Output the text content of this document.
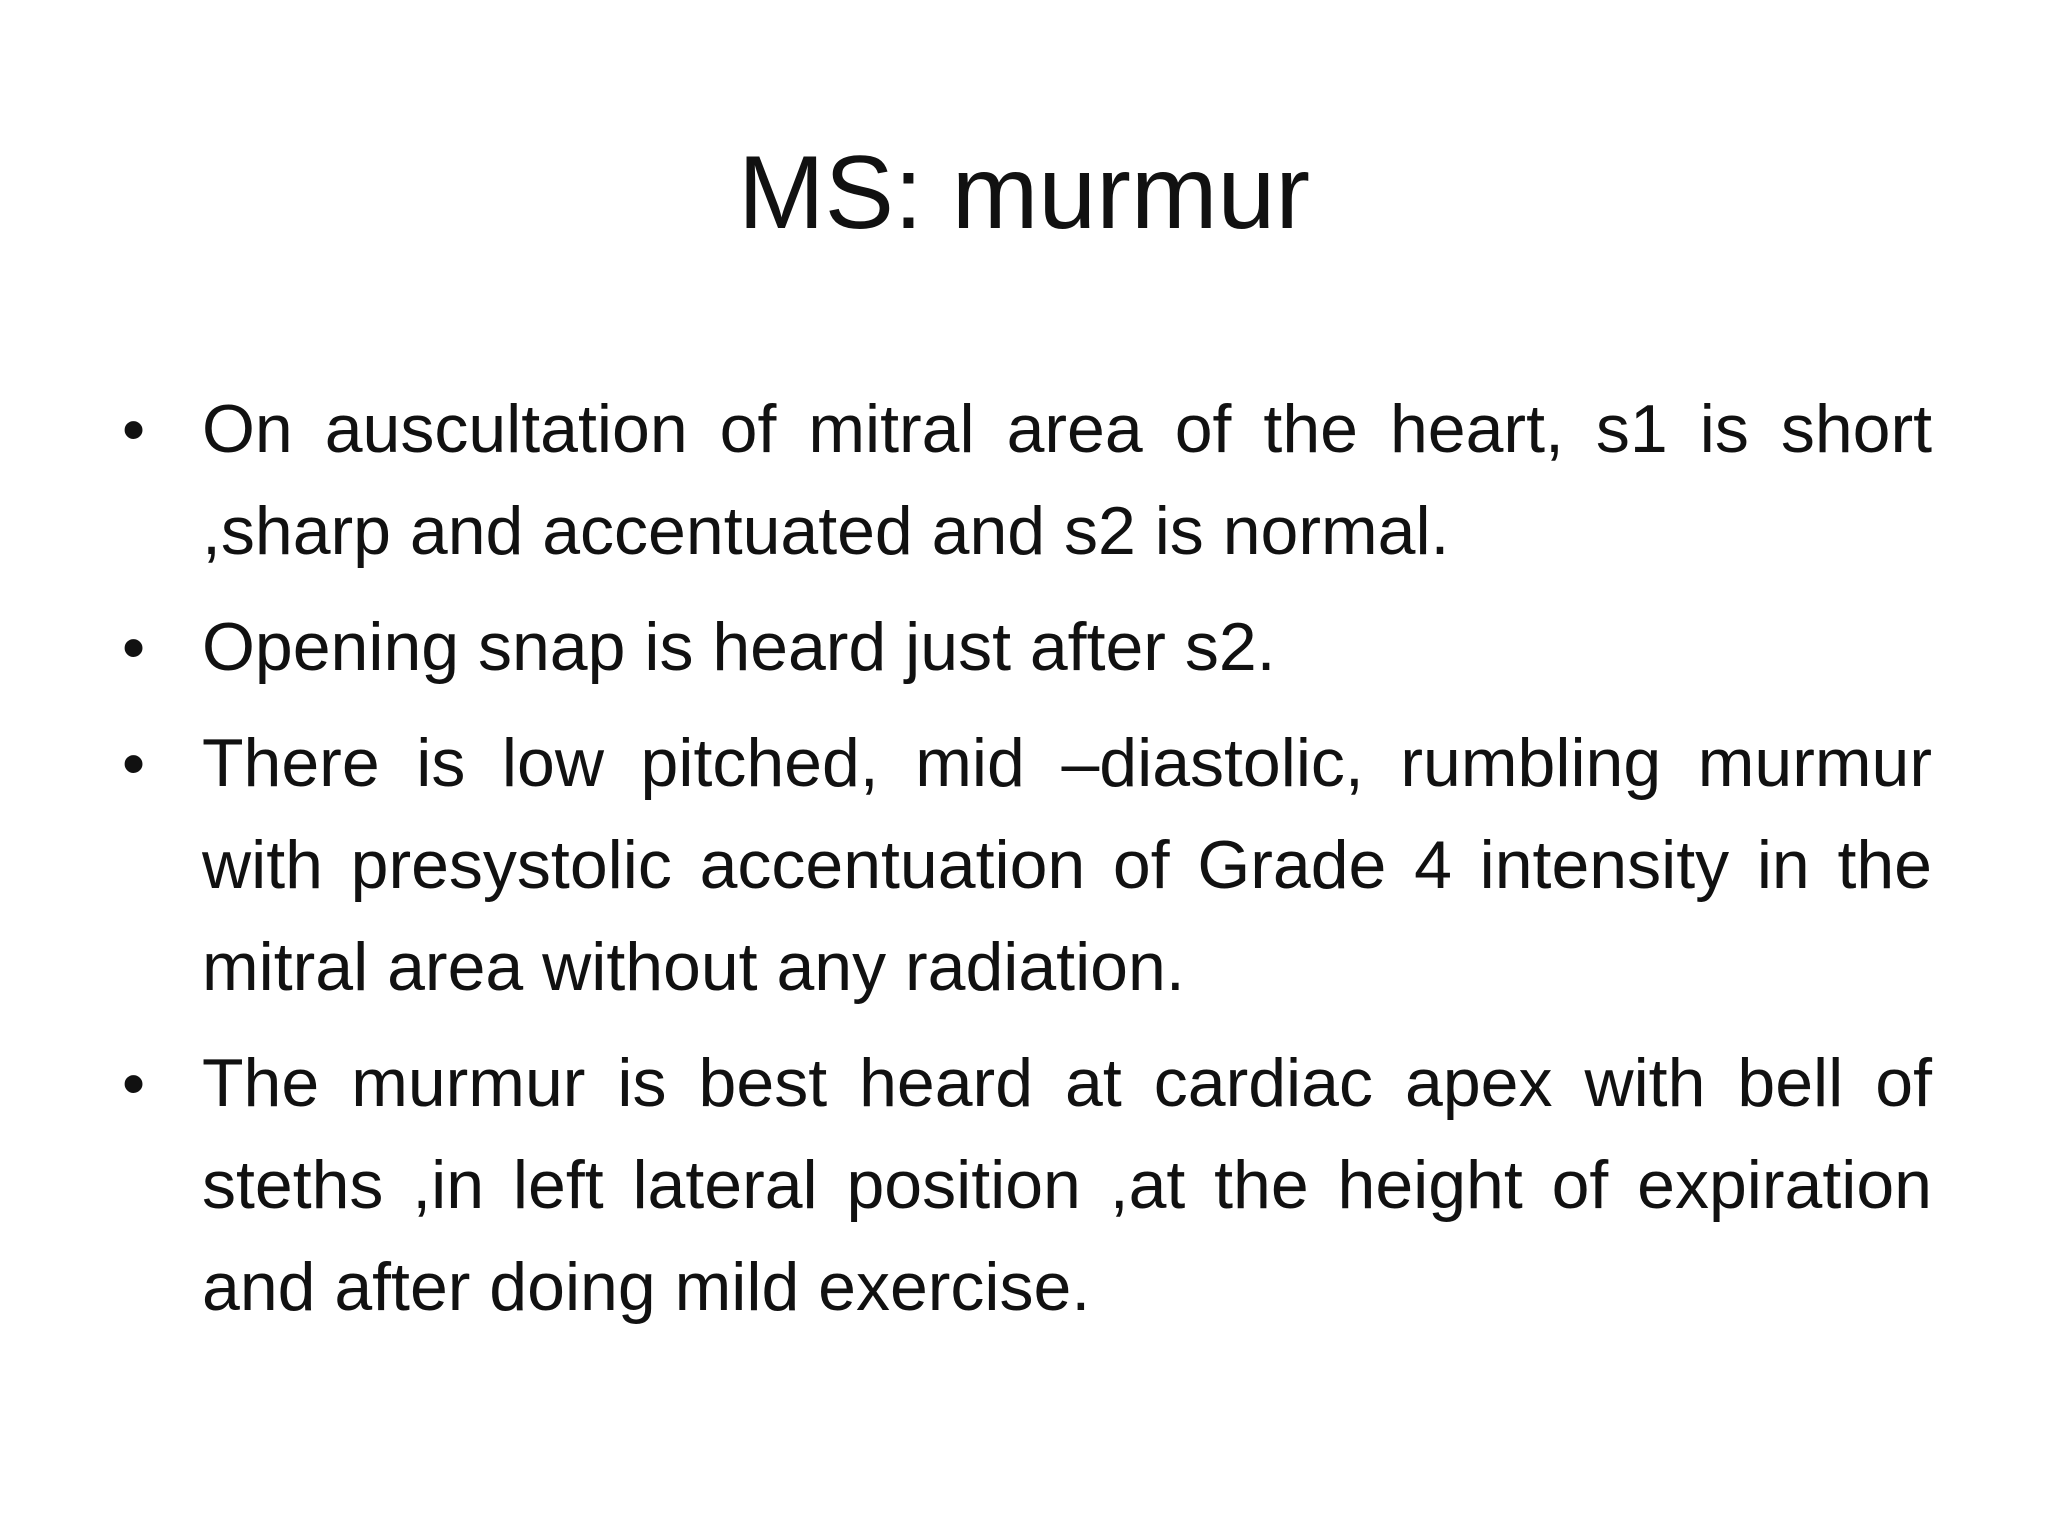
MS: murmur
• On auscultation of mitral area of the heart, s1 is short ,sharp and accentuated and s2 is normal.
• Opening snap is heard just after s2.
• There is low pitched, mid –diastolic, rumbling murmur with presystolic accentuation of Grade 4 intensity in the mitral area without any radiation.
• The murmur is best heard at cardiac apex with bell of steths ,in left lateral position ,at the height of expiration and after doing mild exercise.
